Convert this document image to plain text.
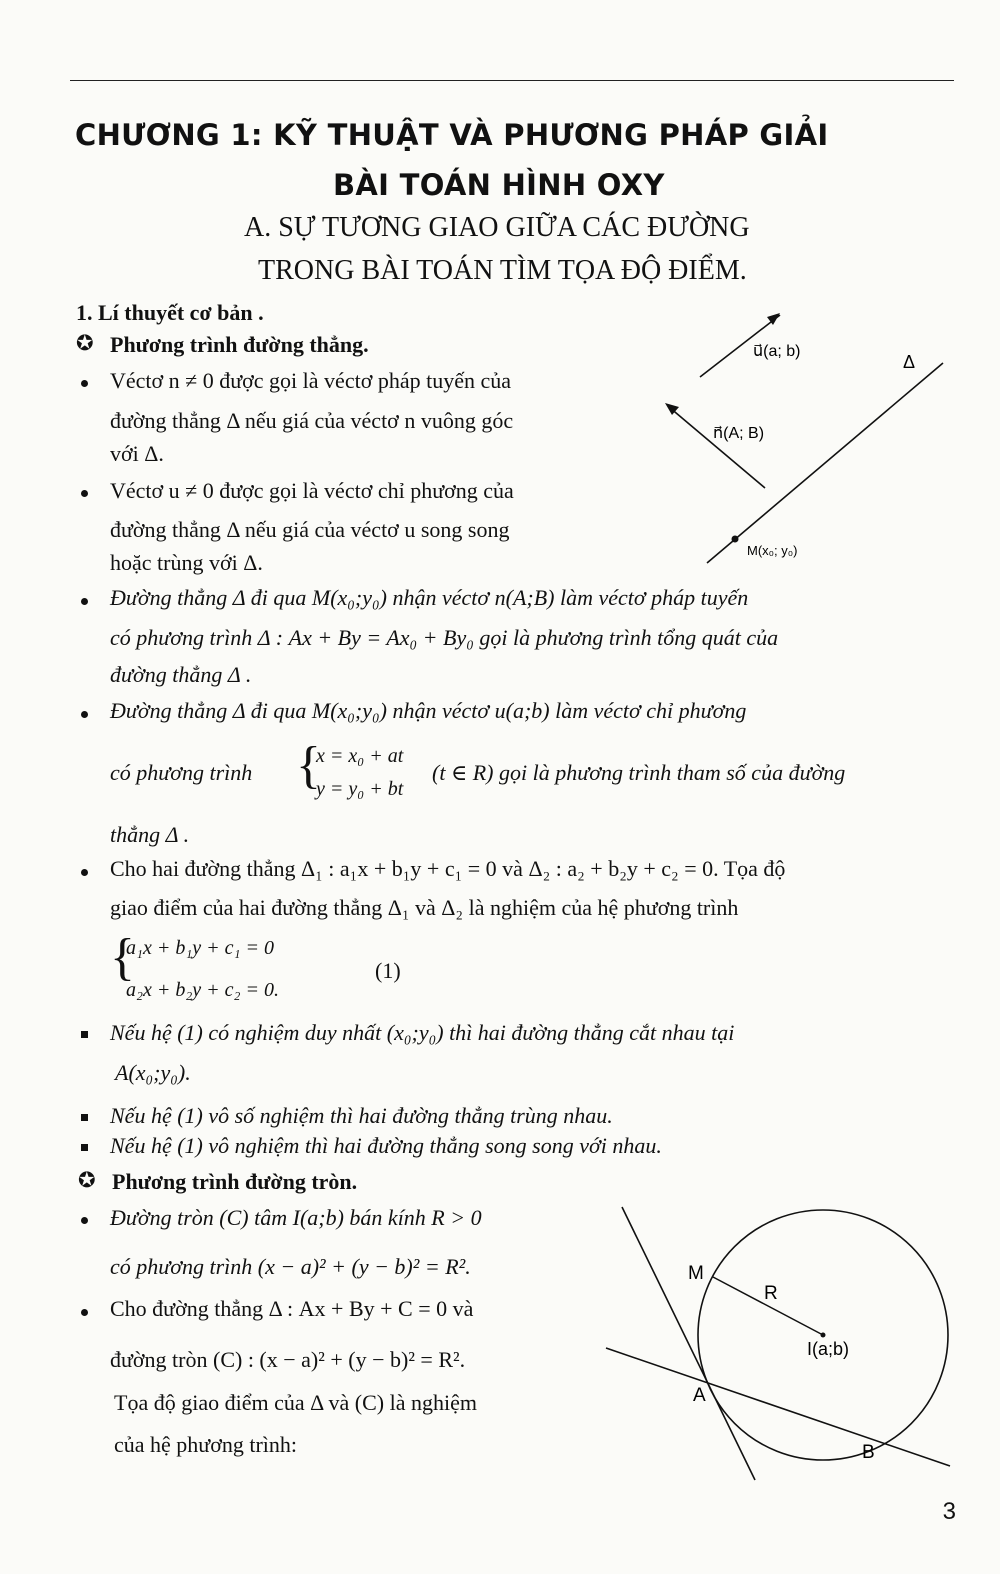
CHƯƠNG 1: KỸ THUẬT VÀ PHƯƠNG PHÁP GIẢI
BÀI TOÁN HÌNH OXY
A. SỰ TƯƠNG GIAO GIỮA CÁC ĐƯỜNG
TRONG BÀI TOÁN TÌM TỌA ĐỘ ĐIỂM.
1. Lí thuyết cơ bản .
✪ Phương trình đường thẳng.
Véctơ n ≠ 0 được gọi là véctơ pháp tuyến của
đường thẳng Δ nếu giá của véctơ n vuông góc
với Δ.
Véctơ u ≠ 0 được gọi là véctơ chỉ phương của
đường thẳng Δ nếu giá của véctơ u song song
hoặc trùng với Δ.
u⃗(a; b)
n⃗(A; B)
Δ
M(x₀; y₀)
Đường thẳng Δ đi qua M(x₀;y₀) nhận véctơ n(A;B) làm véctơ pháp tuyến
có phương trình Δ : Ax + By = Ax₀ + By₀ gọi là phương trình tổng quát của
đường thẳng Δ .
Đường thẳng Δ đi qua M(x₀;y₀) nhận véctơ u(a;b) làm véctơ chỉ phương
có phương trình {
x = x₀ + at
y = y₀ + bt
(t ∈ R) gọi là phương trình tham số của đường
thẳng Δ .
Cho hai đường thẳng Δ₁ : a₁x + b₁y + c₁ = 0 và Δ₂ : a₂ + b₂y + c₂ = 0. Tọa độ
giao điểm của hai đường thẳng Δ₁ và Δ₂ là nghiệm của hệ phương trình
{
a₁x + b₁y + c₁ = 0
a₂x + b₂y + c₂ = 0.
(1)
Nếu hệ (1) có nghiệm duy nhất (x₀;y₀) thì hai đường thẳng cắt nhau tại
A(x₀;y₀).
Nếu hệ (1) vô số nghiệm thì hai đường thẳng trùng nhau.
Nếu hệ (1) vô nghiệm thì hai đường thẳng song song với nhau.
✪ Phương trình đường tròn.
Đường tròn (C) tâm I(a;b) bán kính R > 0
có phương trình (x − a)² + (y − b)² = R².
Cho đường thẳng Δ : Ax + By + C = 0 và
đường tròn (C) : (x − a)² + (y − b)² = R².
Tọa độ giao điểm của Δ và (C) là nghiệm
của hệ phương trình:
M
R
I(a;b)
A
B
3
